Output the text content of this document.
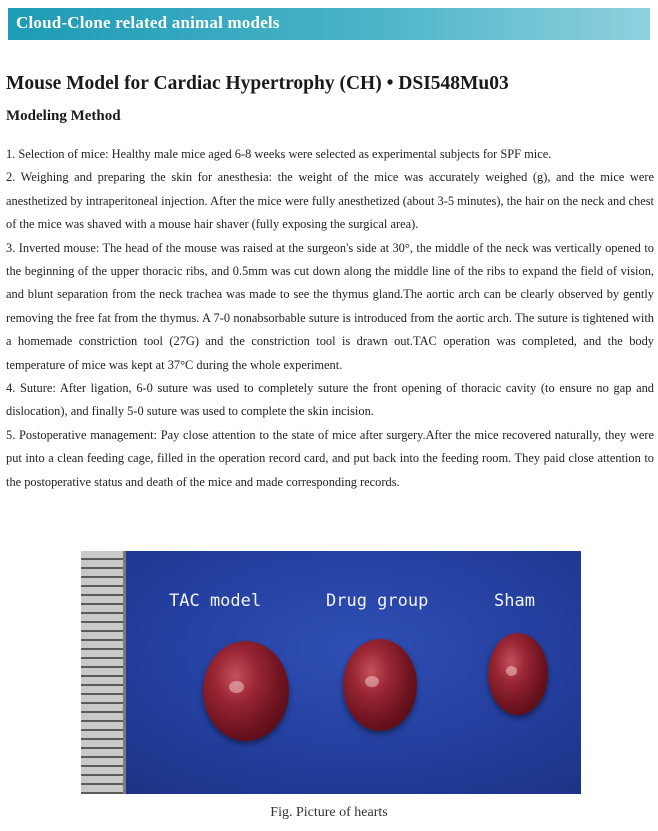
Cloud-Clone related animal models
Mouse Model for Cardiac Hypertrophy (CH) • DSI548Mu03
Modeling Method

1. Selection of mice: Healthy male mice aged 6-8 weeks were selected as experimental subjects for SPF mice.

2. Weighing and preparing the skin for anesthesia: the weight of the mice was accurately weighed (g), and the mice were anesthetized by intraperitoneal injection. After the mice were fully anesthetized (about 3-5 minutes), the hair on the neck and chest of the mice was shaved with a mouse hair shaver (fully exposing the surgical area).

3. Inverted mouse: The head of the mouse was raised at the surgeon's side at 30°, the middle of the neck was vertically opened to the beginning of the upper thoracic ribs, and 0.5mm was cut down along the middle line of the ribs to expand the field of vision, and blunt separation from the neck trachea was made to see the thymus gland.The aortic arch can be clearly observed by gently removing the free fat from the thymus. A 7-0 nonabsorbable suture is introduced from the aortic arch. The suture is tightened with a homemade constriction tool (27G) and the constriction tool is drawn out.TAC operation was completed, and the body temperature of mice was kept at 37°C during the whole experiment.

4. Suture: After ligation, 6-0 suture was used to completely suture the front opening of thoracic cavity (to ensure no gap and dislocation), and finally 5-0 suture was used to complete the skin incision.

5. Postoperative management: Pay close attention to the state of mice after surgery.After the mice recovered naturally, they were put into a clean feeding cage, filled in the operation record card, and put back into the feeding room. They paid close attention to the postoperative status and death of the mice and made corresponding records.

TAC model	Drug group	Sham

Fig. Picture of hearts
